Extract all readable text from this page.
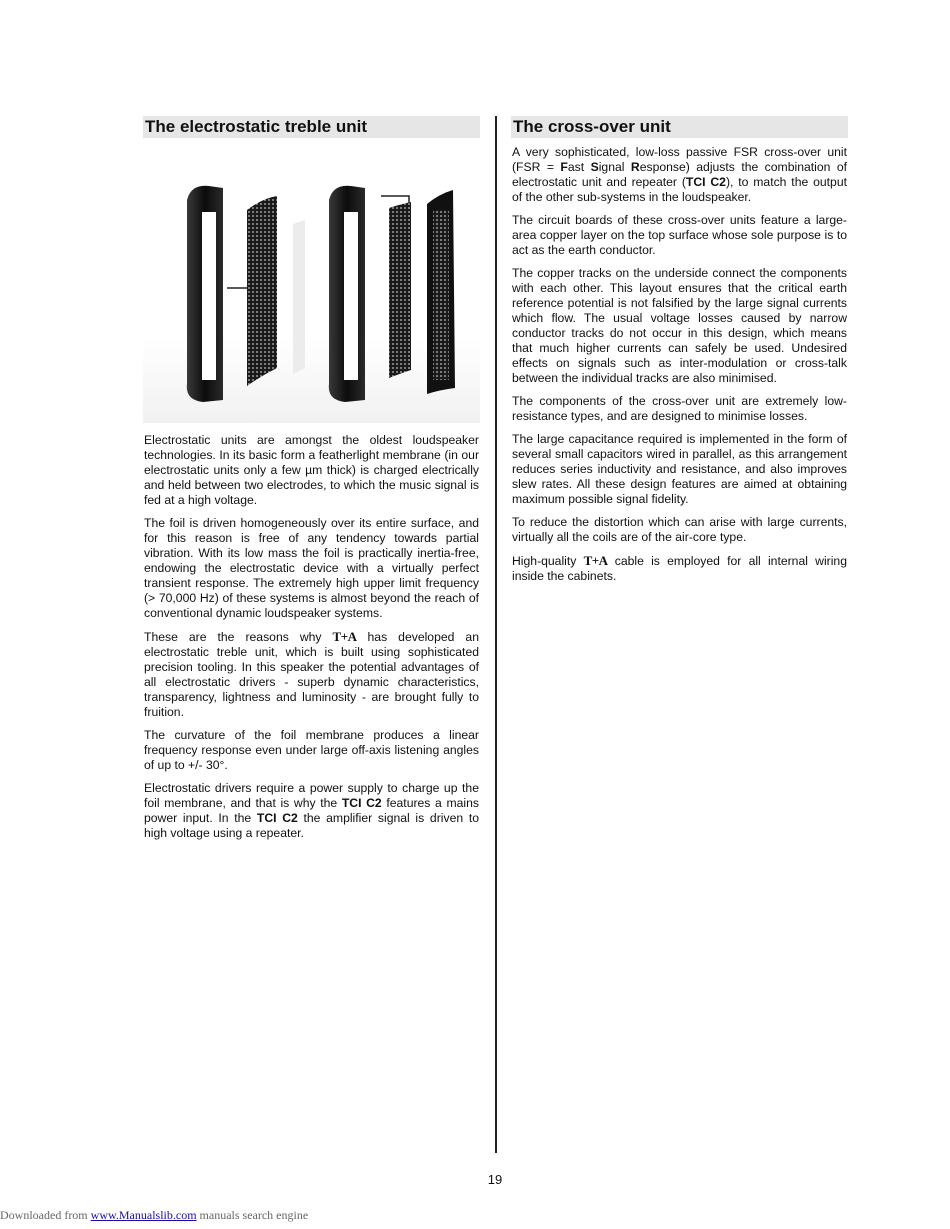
The electrostatic treble unit

Electrostatic units are amongst the oldest loudspeaker technologies. In its basic form a featherlight membrane (in our electrostatic units only a few µm thick) is charged electrically and held between two electrodes, to which the music signal is fed at a high voltage.

The foil is driven homogeneously over its entire surface, and for this reason is free of any tendency towards partial vibration. With its low mass the foil is practically inertia-free, endowing the electrostatic device with a virtually perfect transient response. The extremely high upper limit frequency (> 70,000 Hz) of these systems is almost beyond the reach of conventional dynamic loudspeaker systems.

These are the reasons why T+A has developed an electrostatic treble unit, which is built using sophisticated precision tooling. In this speaker the potential advantages of all electrostatic drivers - superb dynamic characteristics, transparency, lightness and luminosity - are brought fully to fruition.

The curvature of the foil membrane produces a linear frequency response even under large off-axis listening angles of up to +/- 30°.

Electrostatic drivers require a power supply to charge up the foil membrane, and that is why the TCI C2 features a mains power input. In the TCI C2 the amplifier signal is driven to high voltage using a repeater.

The cross-over unit

A very sophisticated, low-loss passive FSR cross-over unit (FSR = Fast Signal Response) adjusts the combination of electrostatic unit and repeater (TCI C2), to match the output of the other sub-systems in the loudspeaker.

The circuit boards of these cross-over units feature a large-area copper layer on the top surface whose sole purpose is to act as the earth conductor.

The copper tracks on the underside connect the components with each other. This layout ensures that the critical earth reference potential is not falsified by the large signal currents which flow. The usual voltage losses caused by narrow conductor tracks do not occur in this design, which means that much higher currents can safely be used. Undesired effects on signals such as inter-modulation or cross-talk between the individual tracks are also minimised.

The components of the cross-over unit are extremely low-resistance types, and are designed to minimise losses.

The large capacitance required is implemented in the form of several small capacitors wired in parallel, as this arrangement reduces series inductivity and resistance, and also improves slew rates. All these design features are aimed at obtaining maximum possible signal fidelity.

To reduce the distortion which can arise with large currents, virtually all the coils are of the air-core type.

High-quality T+A cable is employed for all internal wiring inside the cabinets.

19
Downloaded from www.Manualslib.com manuals search engine
